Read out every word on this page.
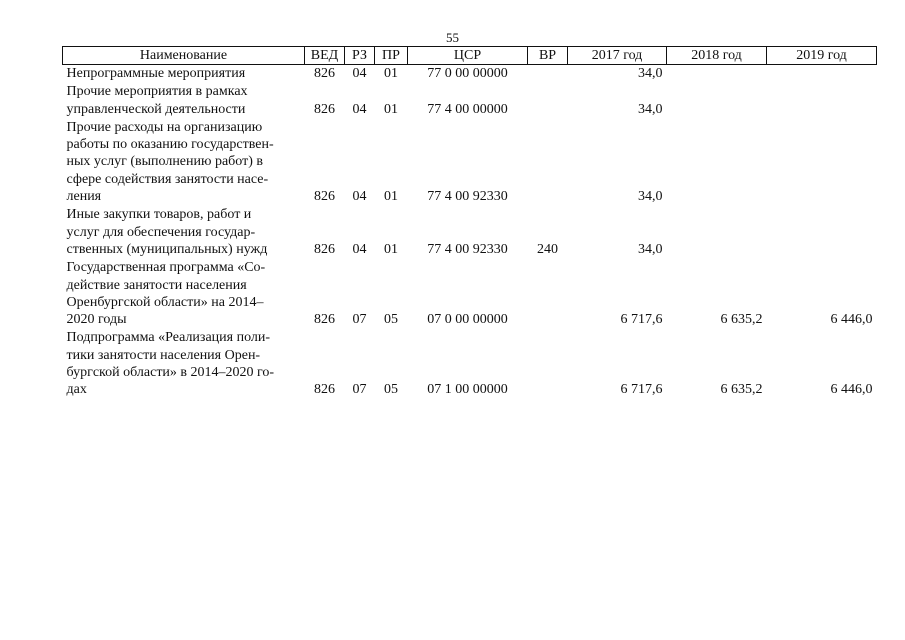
55
Наименование	ВЕД	РЗ	ПР	ЦСР	ВР	2017 год	2018 год	2019 год
Непрограммные мероприятия	826	04	01	77 0 00 00000		34,0		
Прочие мероприятия в рамках
управленческой деятельности	826	04	01	77 4 00 00000		34,0		
Прочие расходы на организацию
работы по оказанию государствен-
ных услуг (выполнению работ) в
сфере содействия занятости насе-
ления	826	04	01	77 4 00 92330		34,0		
Иные закупки товаров, работ и
услуг для обеспечения государ-
ственных (муниципальных) нужд	826	04	01	77 4 00 92330	240	34,0		
Государственная программа «Со-
действие занятости населения
Оренбургской области» на 2014–
2020 годы	826	07	05	07 0 00 00000		6 717,6	6 635,2	6 446,0
Подпрограмма «Реализация поли-
тики занятости населения Орен-
бургской области» в 2014–2020 го-
дах	826	07	05	07 1 00 00000		6 717,6	6 635,2	6 446,0
